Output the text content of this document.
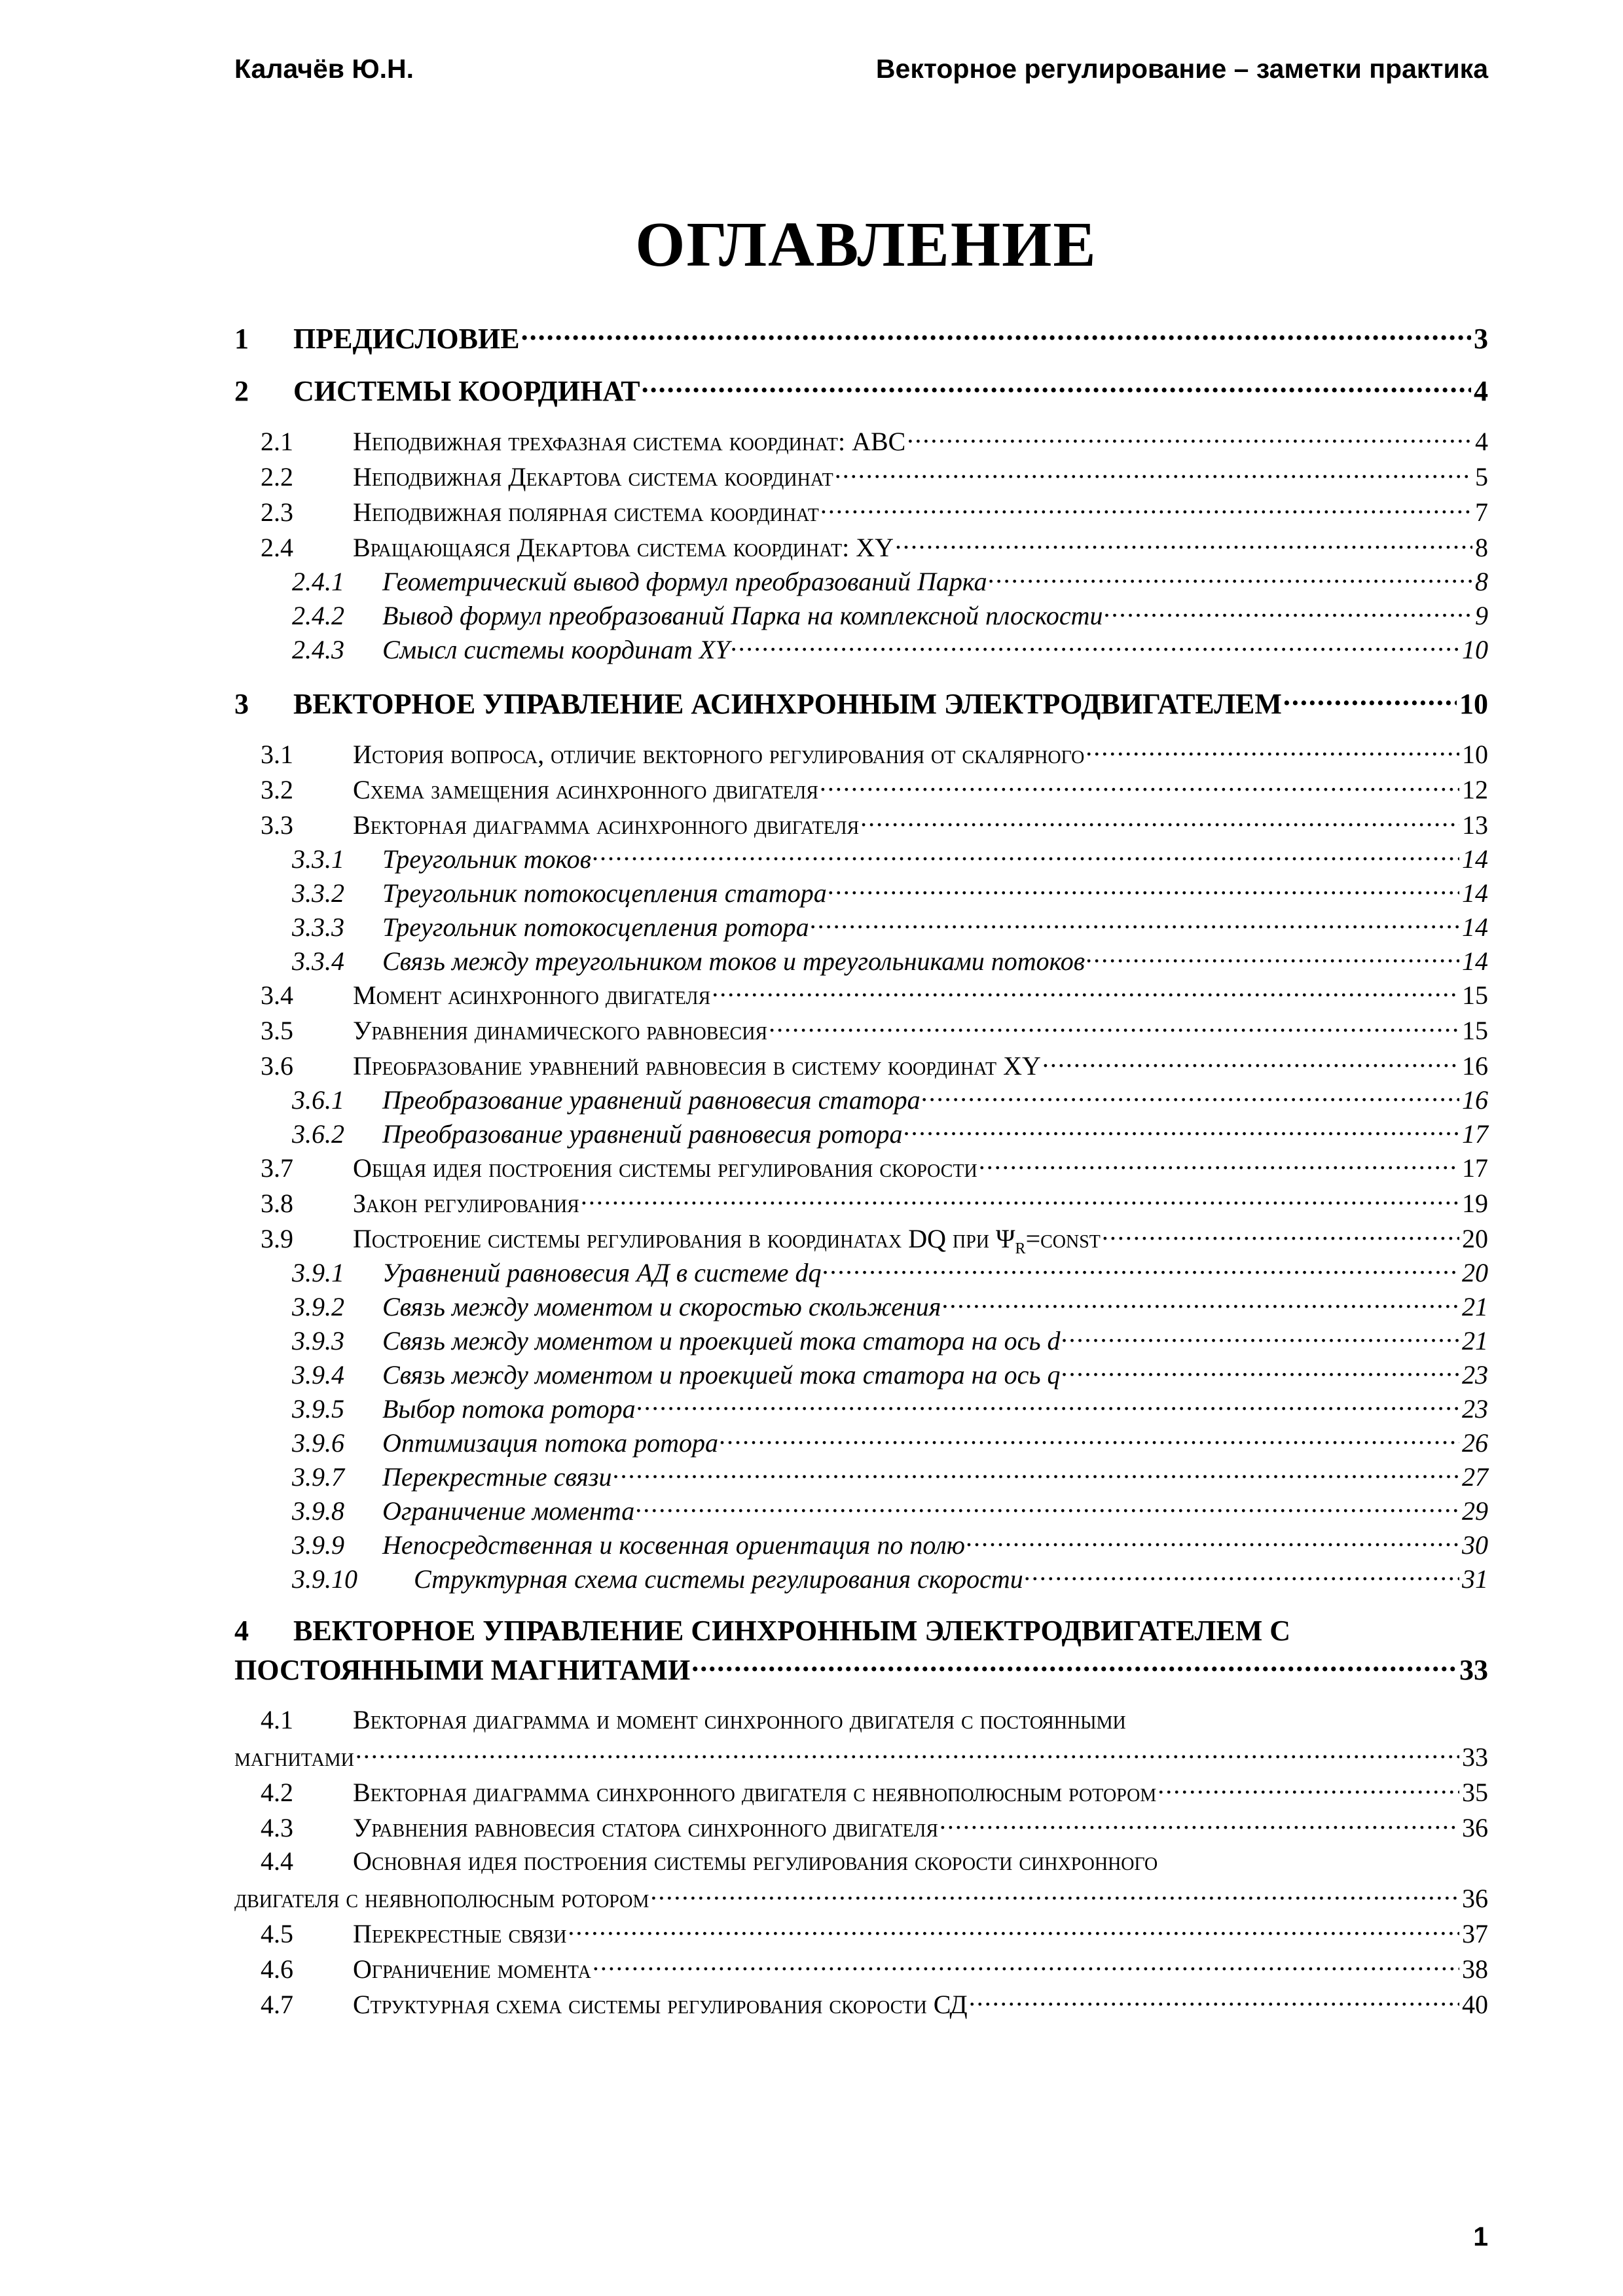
Калачёв Ю.Н.	Векторное регулирование – заметки практика
ОГЛАВЛЕНИЕ
1	ПРЕДИСЛОВИЕ .....	3
2	СИСТЕМЫ КООРДИНАТ .....	4
2.1	Неподвижная трехфазная система координат: ABC .....	4
2.2	Неподвижная Декартова система координат .....	5
2.3	Неподвижная полярная система координат .....	7
2.4	Вращающаяся Декартова система координат: XY .....	8
2.4.1	Геометрический вывод формул преобразований Парка .....	8
2.4.2	Вывод формул преобразований Парка на комплексной плоскости .....	9
2.4.3	Смысл системы координат XY .....	10
3	ВЕКТОРНОЕ УПРАВЛЕНИЕ АСИНХРОННЫМ ЭЛЕКТРОДВИГАТЕЛЕМ .....	10
3.1	История вопроса, отличие векторного регулирования от скалярного .....	10
3.2	Схема замещения асинхронного двигателя .....	12
3.3	Векторная диаграмма асинхронного двигателя .....	13
3.3.1	Треугольник токов .....	14
3.3.2	Треугольник потокосцепления статора .....	14
3.3.3	Треугольник потокосцепления ротора .....	14
3.3.4	Связь между треугольником токов и треугольниками потоков .....	14
3.4	Момент асинхронного двигателя .....	15
3.5	Уравнения динамического равновесия .....	15
3.6	Преобразование уравнений равновесия в систему координат XY .....	16
3.6.1	Преобразование уравнений равновесия статора .....	16
3.6.2	Преобразование уравнений равновесия ротора .....	17
3.7	Общая идея построения системы регулирования скорости .....	17
3.8	Закон регулирования .....	19
3.9	Построение системы регулирования в координатах DQ при $\Psi_R=const$ .....	20
3.9.1	Уравнений равновесия АД в системе dq .....	20
3.9.2	Связь между моментом и скоростью скольжения .....	21
3.9.3	Связь между моментом и проекцией тока статора на ось d .....	21
3.9.4	Связь между моментом и проекцией тока статора на ось q .....	23
3.9.5	Выбор потока ротора .....	23
3.9.6	Оптимизация потока ротора .....	26
3.9.7	Перекрестные связи .....	27
3.9.8	Ограничение момента .....	29
3.9.9	Непосредственная и косвенная ориентация по полю .....	30
3.9.10	Структурная схема системы регулирования скорости .....	31
4	ВЕКТОРНОЕ УПРАВЛЕНИЕ СИНХРОННЫМ ЭЛЕКТРОДВИГАТЕЛЕМ С
ПОСТОЯННЫМИ МАГНИТАМИ .....	33
4.1	Векторная диаграмма и момент синхронного двигателя с постоянными
магнитами .....	33
4.2	Векторная диаграмма синхронного двигателя с неявнополюсным ротором .....	35
4.3	Уравнения равновесия статора синхронного двигателя .....	36
4.4	Основная идея построения системы регулирования скорости синхронного
двигателя с неявнополюсным ротором .....	36
4.5	Перекрестные связи .....	37
4.6	Ограничение момента .....	38
4.7	Структурная схема системы регулирования скорости СД .....	40
1
